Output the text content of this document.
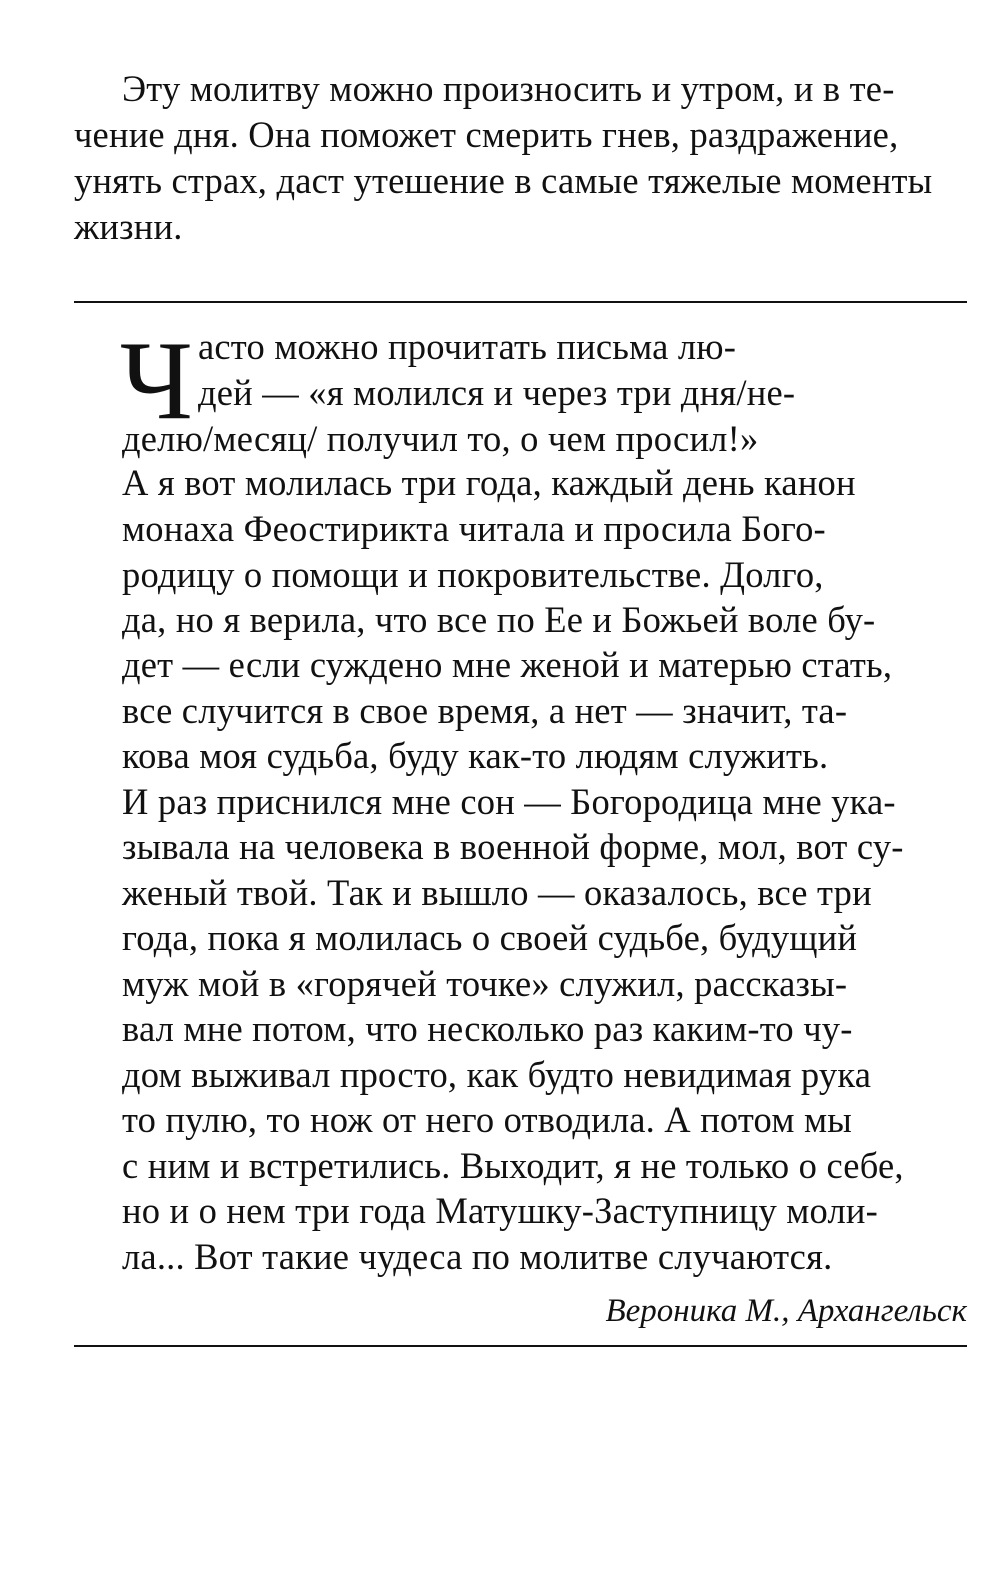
Эту молитву можно произносить и утром, и в те-
чение дня. Она поможет смерить гнев, раздражение,
унять страх, даст утешение в самые тяжелые моменты
жизни.
Ч асто можно прочитать письма лю-
дей — «я молился и через три дня/не-
делю/месяц/ получил то, о чем просил!»
А я вот молилась три года, каждый день канон
монаха Феостирикта читала и просила Бого-
родицу о помощи и покровительстве. Долго,
да, но я верила, что все по Ее и Божьей воле бу-
дет — если суждено мне женой и матерью стать,
все случится в свое время, а нет — значит, та-
кова моя судьба, буду как-то людям служить.
И раз приснился мне сон — Богородица мне ука-
зывала на человека в военной форме, мол, вот су-
женый твой. Так и вышло — оказалось, все три
года, пока я молилась о своей судьбе, будущий
муж мой в «горячей точке» служил, рассказы-
вал мне потом, что несколько раз каким-то чу-
дом выживал просто, как будто невидимая рука
то пулю, то нож от него отводила. А потом мы
с ним и встретились. Выходит, я не только о себе,
но и о нем три года Матушку-Заступницу моли-
ла... Вот такие чудеса по молитве случаются.
Вероника М., Архангельск
